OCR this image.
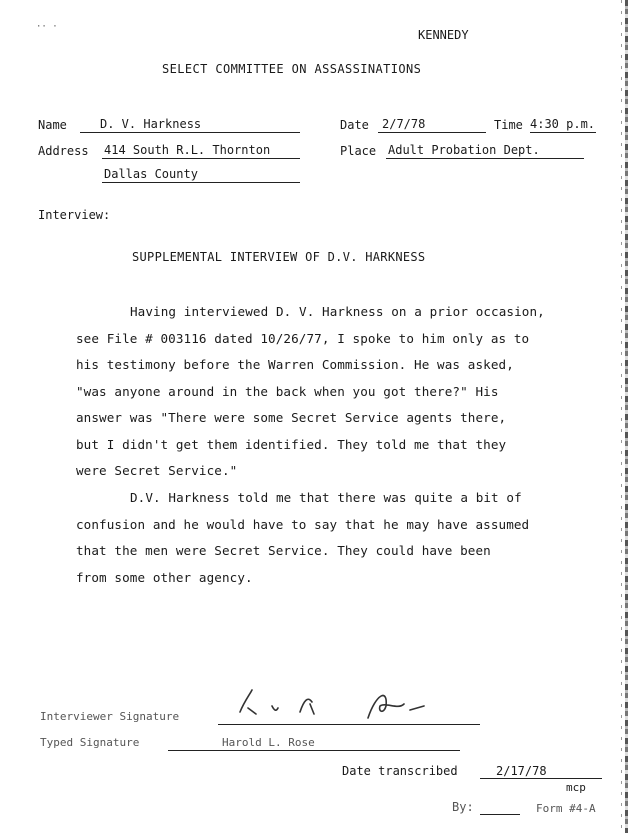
·· ·
KENNEDY
SELECT COMMITTEE ON ASSASSINATIONS
Name	D. V. Harkness	Date 2/7/78	Time 4:30 p.m.
Address 414 South R.L. Thornton	Place Adult Probation Dept.
Dallas County
Interview:
SUPPLEMENTAL INTERVIEW OF D.V. HARKNESS
Having interviewed D. V. Harkness on a prior occasion,
see File # 003116 dated 10/26/77, I spoke to him only as to
his testimony before the Warren Commission. He was asked,
"was anyone around in the back when you got there?" His
answer was "There were some Secret Service agents there,
but I didn't get them identified. They told me that they
were Secret Service."
D.V. Harkness told me that there was quite a bit of
confusion and he would have to say that he may have assumed
that the men were Secret Service. They could have been
from some other agency.
Interviewer Signature
Typed Signature	Harold L. Rose
Date transcribed	2/17/78
mcp
By:	Form #4-A
